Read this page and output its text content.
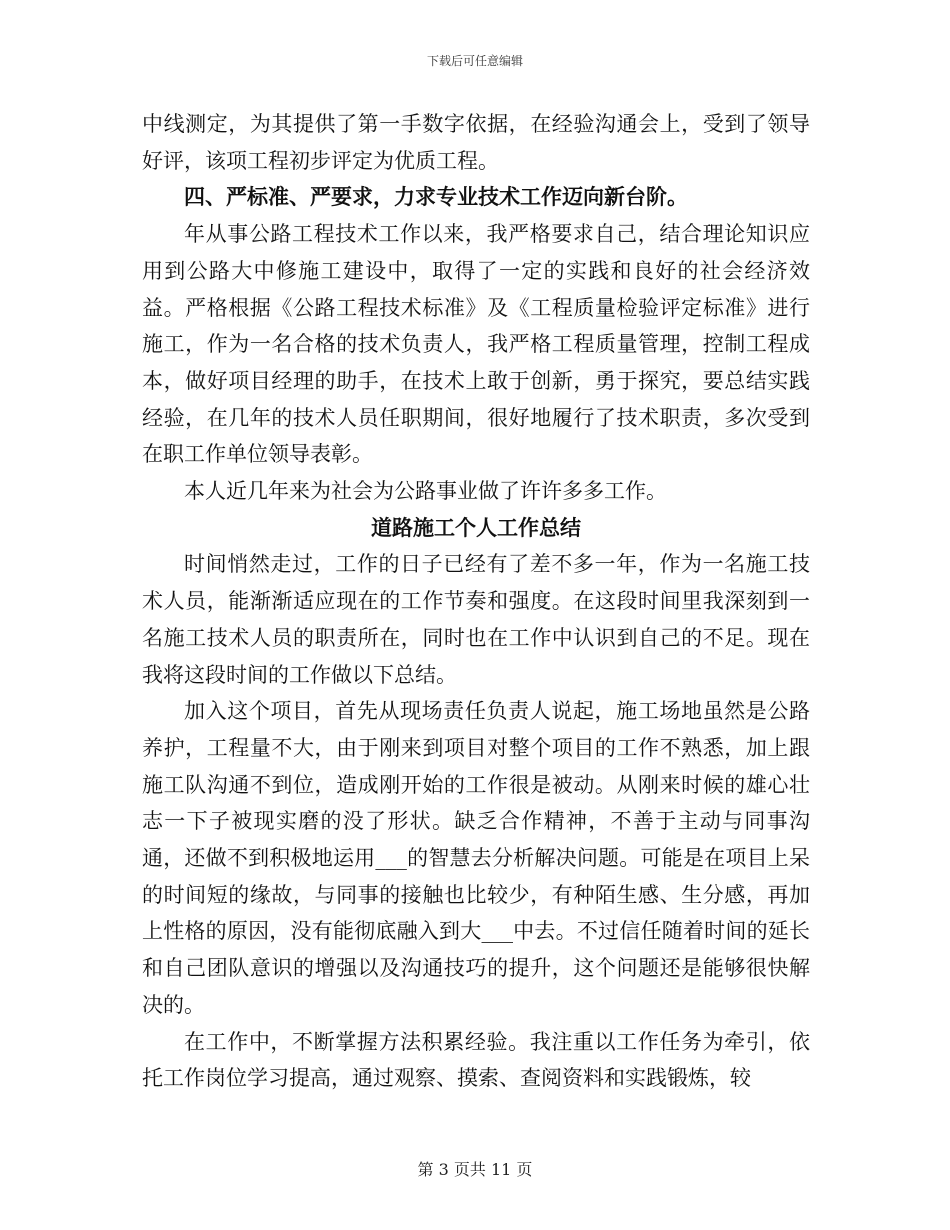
下载后可任意编辑

中线测定，为其提供了第一手数字依据，在经验沟通会上，受到了领导好评，该项工程初步评定为优质工程。

四、严标准、严要求，力求专业技术工作迈向新台阶。

年从事公路工程技术工作以来，我严格要求自己，结合理论知识应用到公路大中修施工建设中，取得了一定的实践和良好的社会经济效益。严格根据《公路工程技术标准》及《工程质量检验评定标准》进行施工，作为一名合格的技术负责人，我严格工程质量管理，控制工程成本，做好项目经理的助手，在技术上敢于创新，勇于探究，要总结实践经验，在几年的技术人员任职期间，很好地履行了技术职责，多次受到在职工作单位领导表彰。

本人近几年来为社会为公路事业做了许许多多工作。

道路施工个人工作总结

时间悄然走过，工作的日子已经有了差不多一年，作为一名施工技术人员，能渐渐适应现在的工作节奏和强度。在这段时间里我深刻到一名施工技术人员的职责所在，同时也在工作中认识到自己的不足。现在我将这段时间的工作做以下总结。

加入这个项目，首先从现场责任负责人说起，施工场地虽然是公路养护，工程量不大，由于刚来到项目对整个项目的工作不熟悉，加上跟施工队沟通不到位，造成刚开始的工作很是被动。从刚来时候的雄心壮志一下子被现实磨的没了形状。缺乏合作精神，不善于主动与同事沟通，还做不到积极地运用___的智慧去分析解决问题。可能是在项目上呆的时间短的缘故，与同事的接触也比较少，有种陌生感、生分感，再加上性格的原因，没有能彻底融入到大___中去。不过信任随着时间的延长和自己团队意识的增强以及沟通技巧的提升，这个问题还是能够很快解决的。

在工作中，不断掌握方法积累经验。我注重以工作任务为牵引，依托工作岗位学习提高，通过观察、摸索、查阅资料和实践锻炼，较

第 3 页共 11 页
